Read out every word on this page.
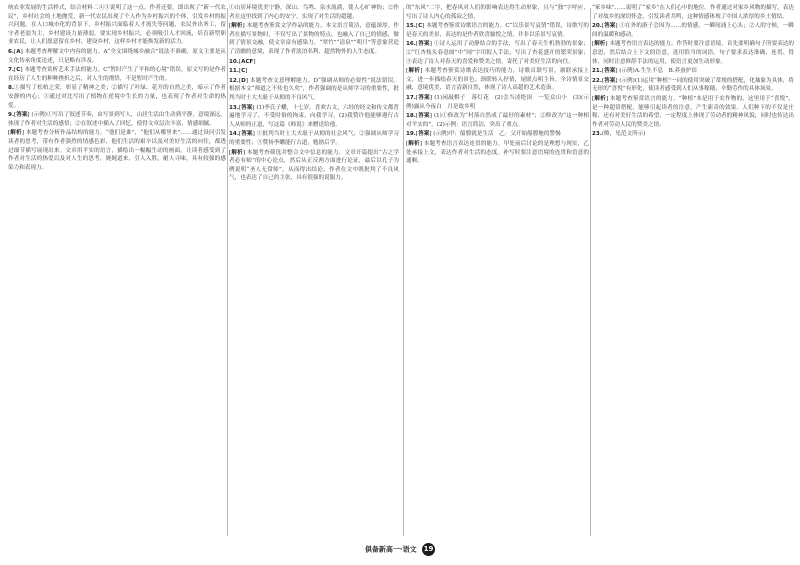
统农业发展的生活样式，结合材料二④③说明了这一点。作者还要，即出现了“新一代农民”，乡村社会的土地抛荒，新一代农民出现了个人作为乡村振兴的个体，引发乡村的振兴问题。在人口城市化的背景下，乡村振兴面临着人才流失等问题，农民外出务工，留守者老弱为主，乡村建设力量薄弱。要实现乡村振兴，必须吸引人才回流，培育新型职业农民，让人们愿意留在乡村、建设乡村，这样乡村才能焕发新的活力。

6.[A] 本题考查理解文中内容的能力。A“全文围绕城乡融合”说法不准确，原文主要是从文化传承角度论述，只是略有涉及。

7.[C] 本题考查赏析艺术手法的能力。C“暂时产生了平和的心境”错误，原文写的是作者在经历了人生的种种挫折之后，对人生的彻悟，不是暂时产生的。

8.①描写了松柏之荣，彰显了精神之美；②描写了叶绿、花开的自然之美，暗示了作者安静的内心；③通过对比写出了植物在逆境中生长的力量，也表现了作者对生命的热爱。

9.[答案] (示例)①写出了叙述节奏，由写景到写人，山居生活由生动到平静，意境深远，体现了作者对生活的感悟；②在叙述中插入了回忆，使得文章层次丰富，情感细腻。

[解析] 本题考查分析作品结构的能力。“他们是谁”，“他们从哪里来”……通过设问引发读者的思考，带有作者强烈的情感色彩，他们生活的艰辛以及对美好生活的向往，都透过细节描写展现出来。文章用平实的语言，描绘出一幅幅生动的画面，让读者感受到了作者对生活的热爱以及对人生的思考，娓娓道来，引人入胜，耐人寻味，具有较强的感染力和表现力。

①山居环境优美宁静，深山、鸟鸣、泉水流淌，使人心旷神怡；②作者在这里找到了内心的安宁，实现了对生活的超越。

[解析] 本题考查鉴赏文学作品的能力。本文语言简洁，意蕴深厚。作者在描写景物时，不仅写出了景物的特点，也融入了自己的情感，做到了情景交融，使文章富有感染力。“翠竹”“清泉”“明月”等意象营造了清幽的意境，表现了作者淡泊名利、超然物外的人生态度。

10.[ACF]

11.[C]

12.[D] 本题考查文意理解能力。D“强调从师的必要性”说法错误。根据本文“师道之不传也久矣”，作者强调的是从师学习的重要性，批判当时士大夫耻于从师的不良风气。

13.[答案] (1)李氏子蟠，十七岁，喜欢古文，六经的经文和传文都普遍地学习了，不受时俗的拘束，向我学习。(2)我赞许他能够遵行古人从师的正道，写这篇《师说》来赠送给他。

14.[答案] ①批判当时士大夫耻于从师的社会风气；②强调从师学习的重要性；③赞扬李蟠能行古道，勉励后学。

[解析] 本题考查筛选并整合文中信息的能力。文章开篇提出“古之学者必有师”的中心论点，然后从正反两方面进行论证，最后以孔子为例说明“圣人无常师”，从而得出结论。作者在文中既批判了不良风气，也表达了自己的主张，具有很强的说服力。

的“东风”二字，把春风对人们的影响表达得生动形象，且与“独”字呼应，写出了诗人内心的孤寂之情。

15.[C] 本题考查鉴赏诗歌语言的能力。C“以乐景写哀情”错误，诗歌写的是春天的美景，表达的是作者欣喜愉悦之情，并非以乐景写哀情。

16.[答案] ①诗人运用了动静结合的手法，写出了春天生机勃勃的景象；②“红杏枝头春意闹”中“闹”字用拟人手法，写出了杏花盛开的繁荣景象；③表达了诗人对春天的喜爱和赞美之情，寄托了对美好生活的向往。

[解析] 本题考查鉴赏诗歌表达技巧的能力。诗歌首联写景，颔联承接上文，进一步描绘春天的景色；颈联转入抒情，尾联点明主旨。全诗情景交融，意境优美，语言清新自然，体现了诗人高超的艺术造诣。

17.[答案] (1)闲敲棋子　落灯花　(2)会当凌绝顶　一览众山小　(3)(示例)露从今夜白　月是故乡明

18.[答案] (1)①修改为“村落自然成了最好的素材”；②修改为“这一种相对平实的”。(2)示例：语言简洁，突出了重点。

19.[答案] (示例)甲：船膛就是生活　乙：父开始船膛舱的警惕

[解析] 本题考查语言表达连贯的能力。甲处前后讨论的是理想与现实，乙处承接上文，表达作者对生活的态度。补写时要注意语境的连贯和语意的通顺。

“家乡味”……说明了“家乡”在人们心中的地位。作者通过对家乡风物的描写，表达了对故乡的深切怀念，引发读者共鸣，这种情感体现了中国人浓厚的乡土情结。

20.[答案] ①在外的游子会因为……的情感，一瞬间涌上心头；②人的守候，一瞬间的温暖和感动。

[解析] 本题考查语言表达的能力。作答时要注意语境，首先要明确句子所要表达的意思，然后结合上下文的语意，选用恰当的词语。句子要求表达准确、连贯、得体，同时注意修辞手法的运用，使语言更加生动形象。

21.[答案] (示例)A.生生不息　B.养蚕护田

22.[答案] (示例)(1)运用“种植”一词的使用突破了常规的搭配，化抽象为具体，将无形的“喜悦”有形化，使读者感受到人们从事稼穑、辛勤劳作的具体场景。

[解析] 本题考查鉴赏语言的能力。“种植”本是用于农作物的，这里用于“喜悦”，是一种超常搭配，能够引起读者的注意，产生新奇的效果。人们种下的不仅是庄稼，还有对美好生活的希望，一定程度上体现了劳动者的精神风貌，同时也传达出作者对劳动人民的赞美之情。

23.(略，见范文所示)

俱备新高一·语文 19
